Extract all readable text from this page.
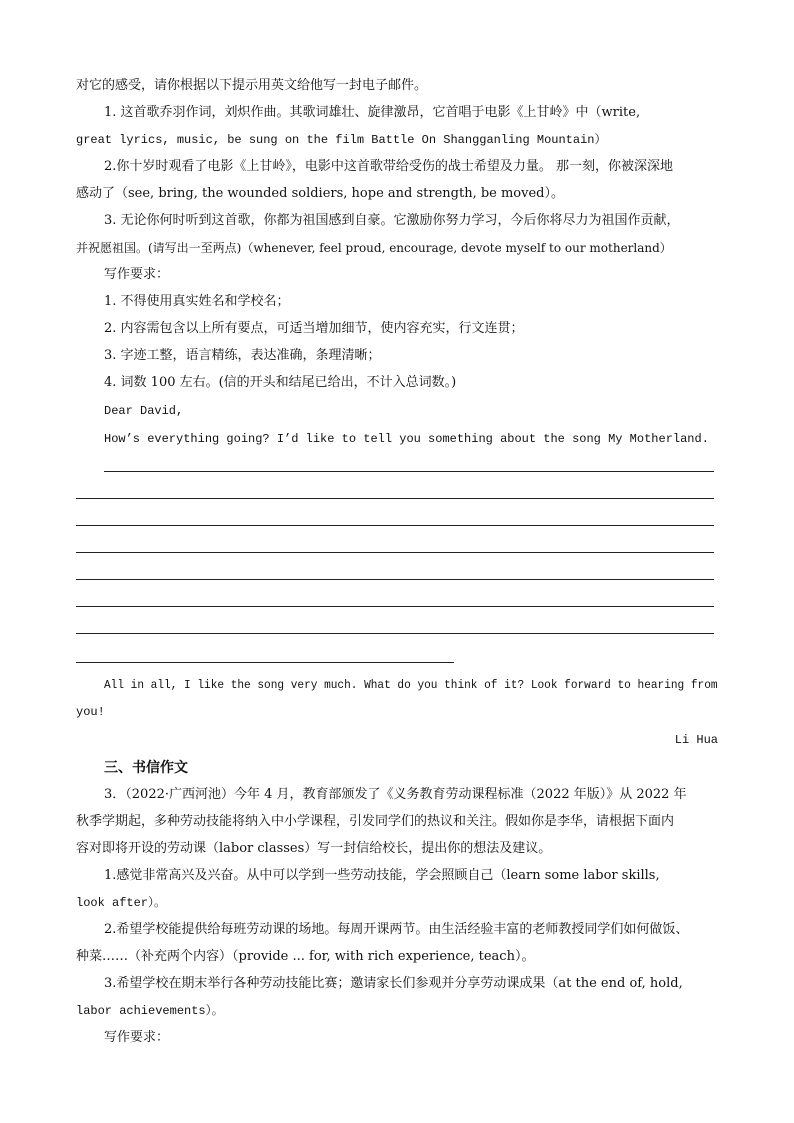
对它的感受，请你根据以下提示用英文给他写一封电子邮件。
1. 这首歌乔羽作词，刘炽作曲。其歌词雄壮、旋律激昂，它首唱于电影《上甘岭》中（write,
great lyrics, music, be sung on the film Battle On Shangganling Mountain）
2.你十岁时观看了电影《上甘岭》，电影中这首歌带给受伤的战士希望及力量。 那一刻，你被深深地
感动了（see, bring, the wounded soldiers, hope and strength, be moved）。
3. 无论你何时听到这首歌，你都为祖国感到自豪。它激励你努力学习，今后你将尽力为祖国作贡献，
并祝愿祖国。(请写出一至两点)（whenever, feel proud, encourage, devote myself to our motherland）
写作要求：
1. 不得使用真实姓名和学校名；
2. 内容需包含以上所有要点，可适当增加细节，使内容充实，行文连贯；
3. 字迹工整，语言精练，表达准确，条理清晰；
4. 词数 100 左右。(信的开头和结尾已给出，不计入总词数。)
Dear David,
How’s everything going? I’d like to tell you something about the song My Motherland.
All in all, I like the song very much. What do you think of it? Look forward to hearing from
you!
Li Hua
三、书信作文
3．（2022·广西河池）今年 4 月，教育部颁发了《义务教育劳动课程标准（2022 年版）》从 2022 年
秋季学期起，多种劳动技能将纳入中小学课程，引发同学们的热议和关注。假如你是李华，请根据下面内
容对即将开设的劳动课（labor classes）写一封信给校长，提出你的想法及建议。
1.感觉非常高兴及兴奋。从中可以学到一些劳动技能，学会照顾自己（learn some labor skills,
look after）。
2.希望学校能提供给每班劳动课的场地。每周开课两节。由生活经验丰富的老师教授同学们如何做饭、
种菜……（补充两个内容）（provide ... for, with rich experience, teach）。
3.希望学校在期末举行各种劳动技能比赛；邀请家长们参观并分享劳动课成果（at the end of, hold,
labor achievements）。
写作要求：
